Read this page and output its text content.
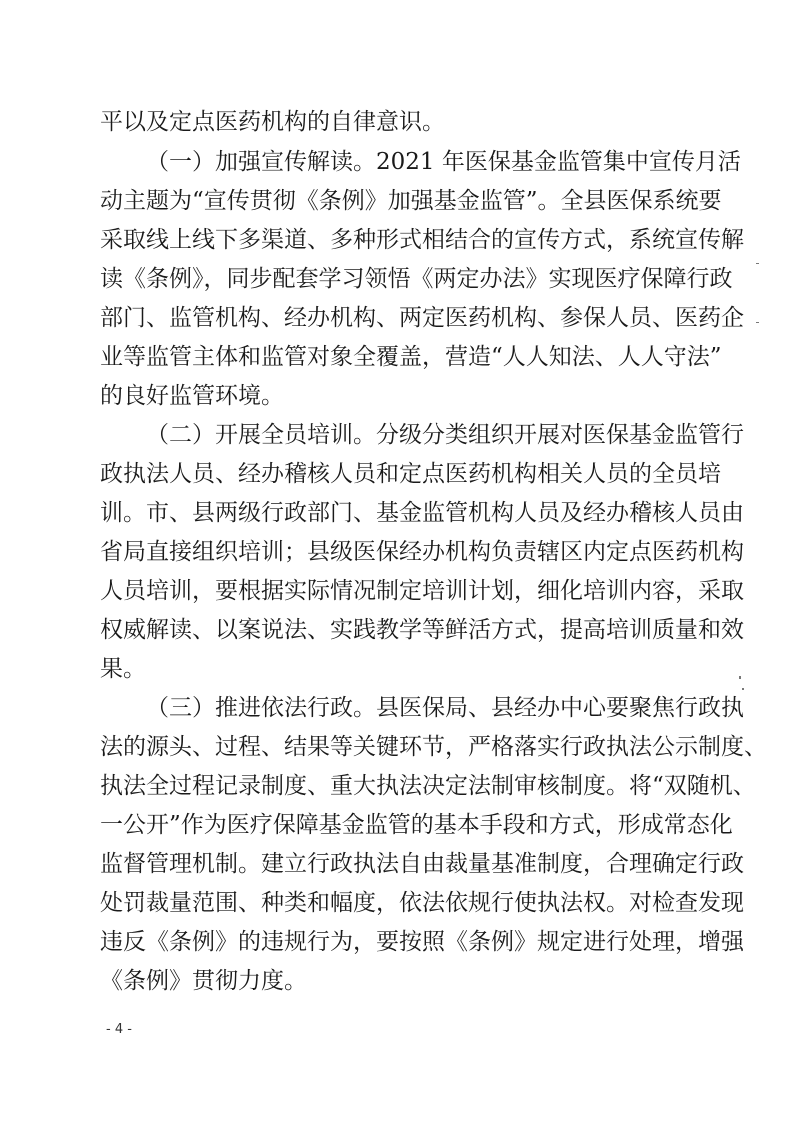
平以及定点医药机构的自律意识。
（一）加强宣传解读。2021 年医保基金监管集中宣传月活
动主题为“宣传贯彻《条例》加强基金监管”。全县医保系统要
采取线上线下多渠道、多种形式相结合的宣传方式，系统宣传解
读《条例》，同步配套学习领悟《两定办法》实现医疗保障行政
部门、监管机构、经办机构、两定医药机构、参保人员、医药企
业等监管主体和监管对象全覆盖，营造“人人知法、人人守法”
的良好监管环境。
（二）开展全员培训。分级分类组织开展对医保基金监管行
政执法人员、经办稽核人员和定点医药机构相关人员的全员培
训。市、县两级行政部门、基金监管机构人员及经办稽核人员由
省局直接组织培训；县级医保经办机构负责辖区内定点医药机构
人员培训，要根据实际情况制定培训计划，细化培训内容，采取
权威解读、以案说法、实践教学等鲜活方式，提高培训质量和效
果。
（三）推进依法行政。县医保局、县经办中心要聚焦行政执
法的源头、过程、结果等关键环节，严格落实行政执法公示制度、
执法全过程记录制度、重大执法决定法制审核制度。将“双随机、
一公开”作为医疗保障基金监管的基本手段和方式，形成常态化
监督管理机制。建立行政执法自由裁量基准制度，合理确定行政
处罚裁量范围、种类和幅度，依法依规行使执法权。对检查发现
违反《条例》的违规行为，要按照《条例》规定进行处理，增强
《条例》贯彻力度。
- 4 -
